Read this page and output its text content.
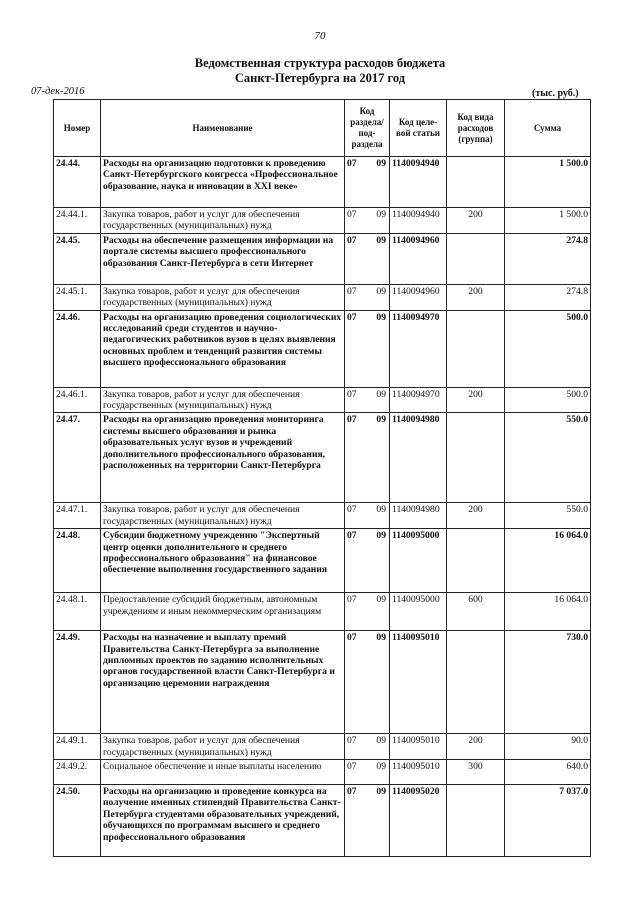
70
Ведомственная структура расходов бюджета
Санкт-Петербурга на 2017 год
07-дек-2016	(тыс. руб.)
Номер	Наименование	Код раздела/ под- раздела		Код целе- вой статьи	Код вида расходов (группа)	Сумма
24.44.	Расходы на организацию подготовки к проведению Санкт-Петербургского конгресса «Профессиональное образование, наука и инновации в XXI веке»	07	09	1140094940		1 500.0
24.44.1.	Закупка товаров, работ и услуг для обеспечения государственных (муниципальных) нужд	07	09	1140094940	200	1 500.0
24.45.	Расходы на обеспечение размещения информации на портале системы высшего профессионального образования Санкт-Петербурга в сети Интернет	07	09	1140094960		274.8
24.45.1.	Закупка товаров, работ и услуг для обеспечения государственных (муниципальных) нужд	07	09	1140094960	200	274.8
24.46.	Расходы на организацию проведения социологических исследований среди студентов и научно-педагогических работников вузов в целях выявления основных проблем и тенденций развития системы высшего профессионального образования	07	09	1140094970		500.0
24.46.1.	Закупка товаров, работ и услуг для обеспечения государственных (муниципальных) нужд	07	09	1140094970	200	500.0
24.47.	Расходы на организацию проведения мониторинга системы высшего образования и рынка образовательных услуг вузов и учреждений дополнительного профессионального образования, расположенных на территории Санкт-Петербурга	07	09	1140094980		550.0
24.47.1.	Закупка товаров, работ и услуг для обеспечения государственных (муниципальных) нужд	07	09	1140094980	200	550.0
24.48.	Субсидии бюджетному учреждению "Экспертный центр оценки дополнительного и среднего профессионального образования" на финансовое обеспечение выполнения государственного задания	07	09	1140095000		16 064.0
24.48.1.	Предоставление субсидий бюджетным, автономным учреждениям и иным некоммерческим организациям	07	09	1140095000	600	16 064.0
24.49.	Расходы на назначение и выплату премий Правительства Санкт-Петербурга за выполнение дипломных проектов по заданию исполнительных органов государственной власти Санкт-Петербурга и организацию церемонии награждения	07	09	1140095010		730.0
24.49.1.	Закупка товаров, работ и услуг для обеспечения государственных (муниципальных) нужд	07	09	1140095010	200	90.0
24.49.2.	Социальное обеспечение и иные выплаты населению	07	09	1140095010	300	640.0
24.50.	Расходы на организацию и проведение конкурса на получение именных стипендий Правительства Санкт-Петербурга студентами образовательных учреждений, обучающихся по программам высшего и среднего профессионального образования	07	09	1140095020		7 037.0
